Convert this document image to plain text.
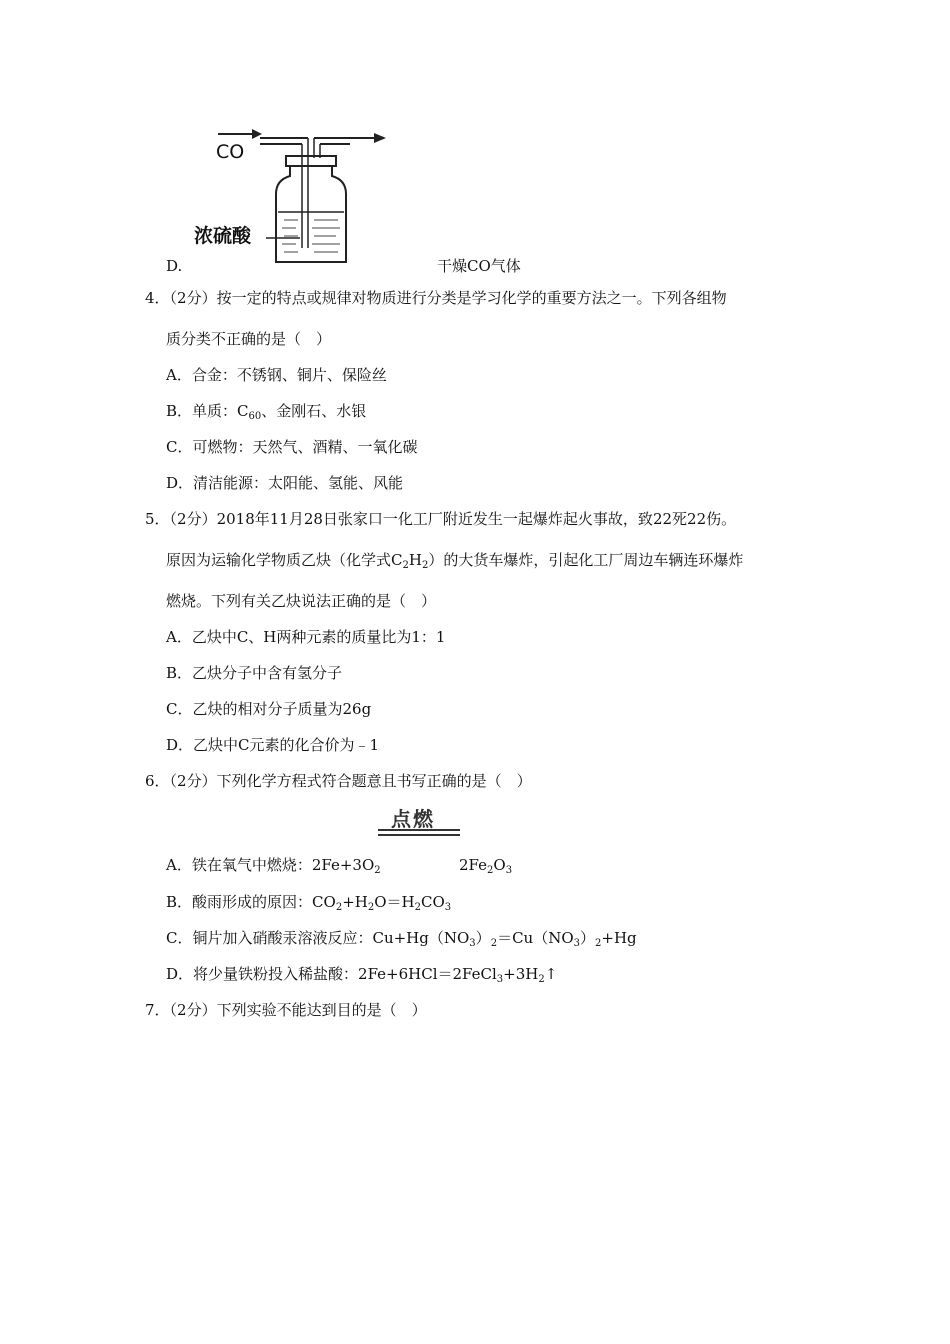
CO
浓硫酸
D.	干燥CO气体
4．（2分）按一定的特点或规律对物质进行分类是学习化学的重要方法之一。下列各组物
质分类不正确的是（　）
A．合金：不锈钢、铜片、保险丝
B．单质：$C_{60}$、金刚石、水银
C．可燃物：天然气、酒精、一氧化碳
D．清洁能源：太阳能、氢能、风能
5．（2分）2018年11月28日张家口一化工厂附近发生一起爆炸起火事故，致22死22伤。
原因为运输化学物质乙炔（化学式$C_2H_2$）的大货车爆炸，引起化工厂周边车辆连环爆炸
燃烧。下列有关乙炔说法正确的是（　）
A．乙炔中C、H两种元素的质量比为1：1
B．乙炔分子中含有氢分子
C．乙炔的相对分子质量为26g
D．乙炔中C元素的化合价为﹣1
6．（2分）下列化学方程式符合题意且书写正确的是（　）
点燃
A．铁在氧气中燃烧：$2Fe+3O_2$	$2Fe_2O_3$
B．酸雨形成的原因：$CO_2+H_2O=H_2CO_3$
C．铜片加入硝酸汞溶液反应：$Cu+Hg(NO_3)_2=Cu(NO_3)_2+Hg$
D．将少量铁粉投入稀盐酸：$2Fe+6HCl=2FeCl_3+3H_2↑$
7．（2分）下列实验不能达到目的是（　）
